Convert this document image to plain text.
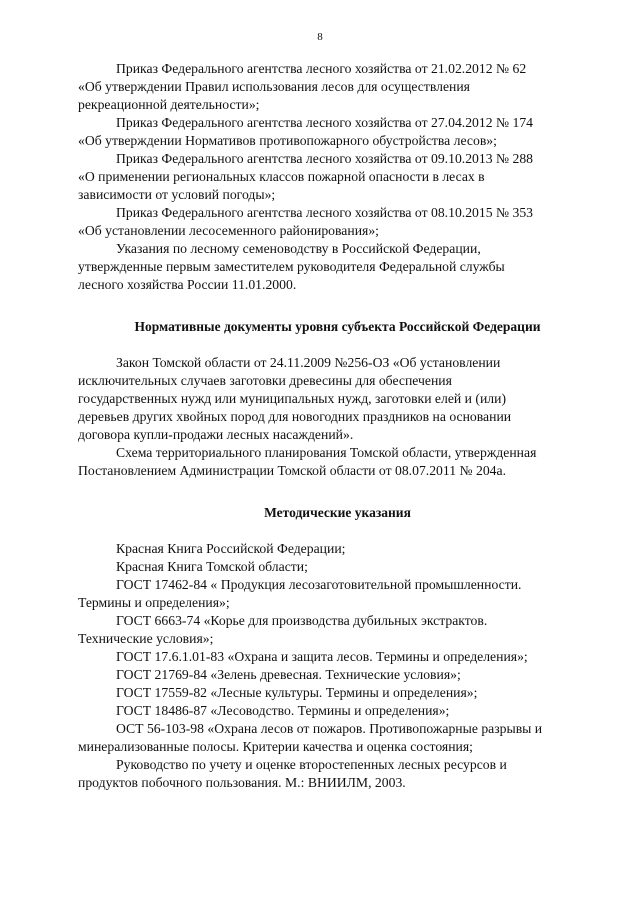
8

Приказ Федерального агентства лесного хозяйства от 21.02.2012 № 62
«Об утверждении Правил использования лесов для осуществления
рекреационной деятельности»;

Приказ Федерального агентства лесного хозяйства от 27.04.2012 № 174
«Об утверждении Нормативов противопожарного обустройства лесов»;

Приказ Федерального агентства лесного хозяйства от 09.10.2013 № 288
«О применении региональных классов пожарной опасности в лесах в
зависимости от условий погоды»;

Приказ Федерального агентства лесного хозяйства от 08.10.2015 № 353
«Об установлении лесосеменного районирования»;

Указания по лесному семеноводству в Российской Федерации,
утвержденные первым заместителем руководителя Федеральной службы
лесного хозяйства России 11.01.2000.

Нормативные документы уровня субъекта Российской Федерации

Закон Томской области от 24.11.2009 №256-ОЗ «Об установлении
исключительных случаев заготовки древесины для обеспечения
государственных нужд или муниципальных нужд, заготовки елей и (или)
деревьев других хвойных пород для новогодних праздников на основании
договора купли-продажи лесных насаждений».

Схема территориального планирования Томской области, утвержденная
Постановлением Администрации Томской области от 08.07.2011 № 204а.

Методические указания

Красная Книга Российской Федерации;

Красная Книга Томской области;

ГОСТ 17462-84 « Продукция лесозаготовительной промышленности.
Термины и определения»;

ГОСТ 6663-74 «Корье для производства дубильных экстрактов.
Технические условия»;

ГОСТ 17.6.1.01-83 «Охрана и защита лесов. Термины и определения»;

ГОСТ 21769-84 «Зелень древесная. Технические условия»;

ГОСТ 17559-82 «Лесные культуры. Термины и определения»;

ГОСТ 18486-87 «Лесоводство. Термины и определения»;

ОСТ 56-103-98 «Охрана лесов от пожаров. Противопожарные разрывы и
минерализованные полосы. Критерии качества и оценка состояния;

Руководство по учету и оценке второстепенных лесных ресурсов и
продуктов побочного пользования. М.: ВНИИЛМ, 2003.
